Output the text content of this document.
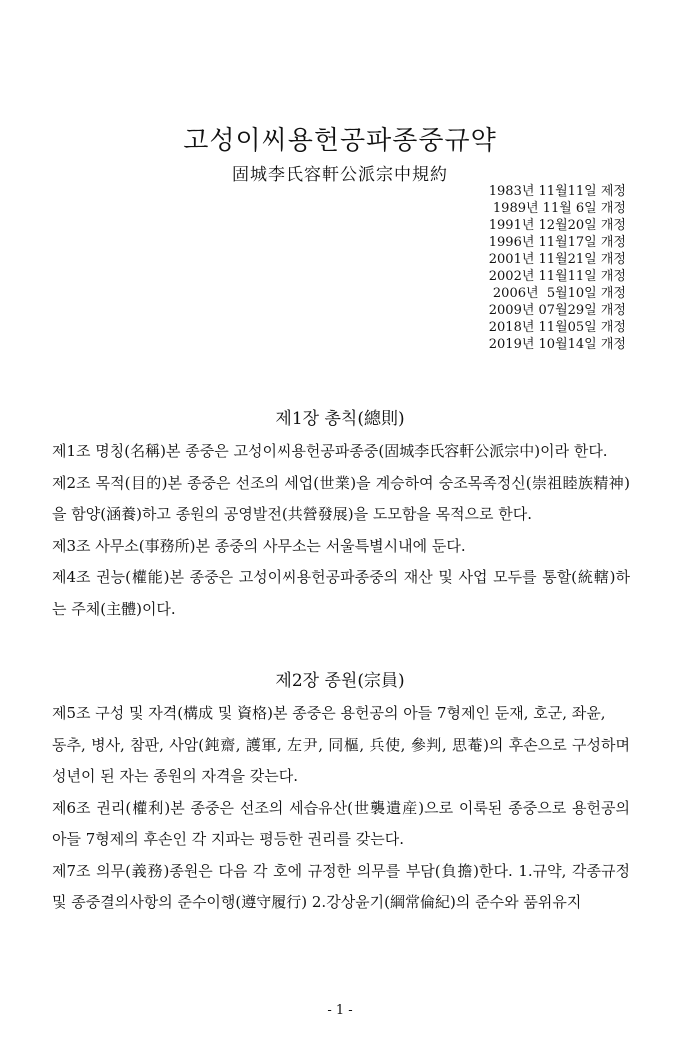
고성이씨용헌공파종중규약
固城李氏容軒公派宗中規約
1983년 11월11일 제정
1989년 11월 6일 개정
1991년 12월20일 개정
1996년 11월17일 개정
2001년 11월21일 개정
2002년 11월11일 개정
2006년  5월10일 개정
2009년 07월29일 개정
2018년 11월05일 개정
2019년 10월14일 개정
제1장 총칙(總則)

제1조 명칭(名稱)본 종중은 고성이씨용헌공파종중(固城李氏容軒公派宗中)이라 한다.

제2조 목적(目的)본 종중은 선조의 세업(世業)을 계승하여 숭조목족정신(崇祖睦族精神)을 함양(涵養)하고 종원의 공영발전(共營發展)을 도모함을 목적으로 한다.

제3조 사무소(事務所)본 종중의 사무소는 서울특별시내에 둔다.

제4조 권능(權能)본 종중은 고성이씨용헌공파종중의 재산 및 사업 모두를 통할(統轄)하는 주체(主體)이다.

제2장 종원(宗員)

제5조 구성 및 자격(構成 및 資格)본 종중은 용헌공의 아들 7형제인 둔재, 호군, 좌윤,

동추, 병사, 참판, 사암(鈍齋, 護軍, 左尹, 同樞, 兵使, 參判, 思菴)의 후손으로 구성하며 성년이 된 자는 종원의 자격을 갖는다.

제6조 권리(權利)본 종중은 선조의 세습유산(世襲遺産)으로 이룩된 종중으로 용헌공의 아들 7형제의 후손인 각 지파는 평등한 권리를 갖는다.

제7조 의무(義務)종원은 다음 각 호에 규정한 의무를 부담(負擔)한다. 1.규약, 각종규정 및 종중결의사항의 준수이행(遵守履行) 2.강상윤기(綱常倫紀)의 준수와 품위유지

- 1 -
